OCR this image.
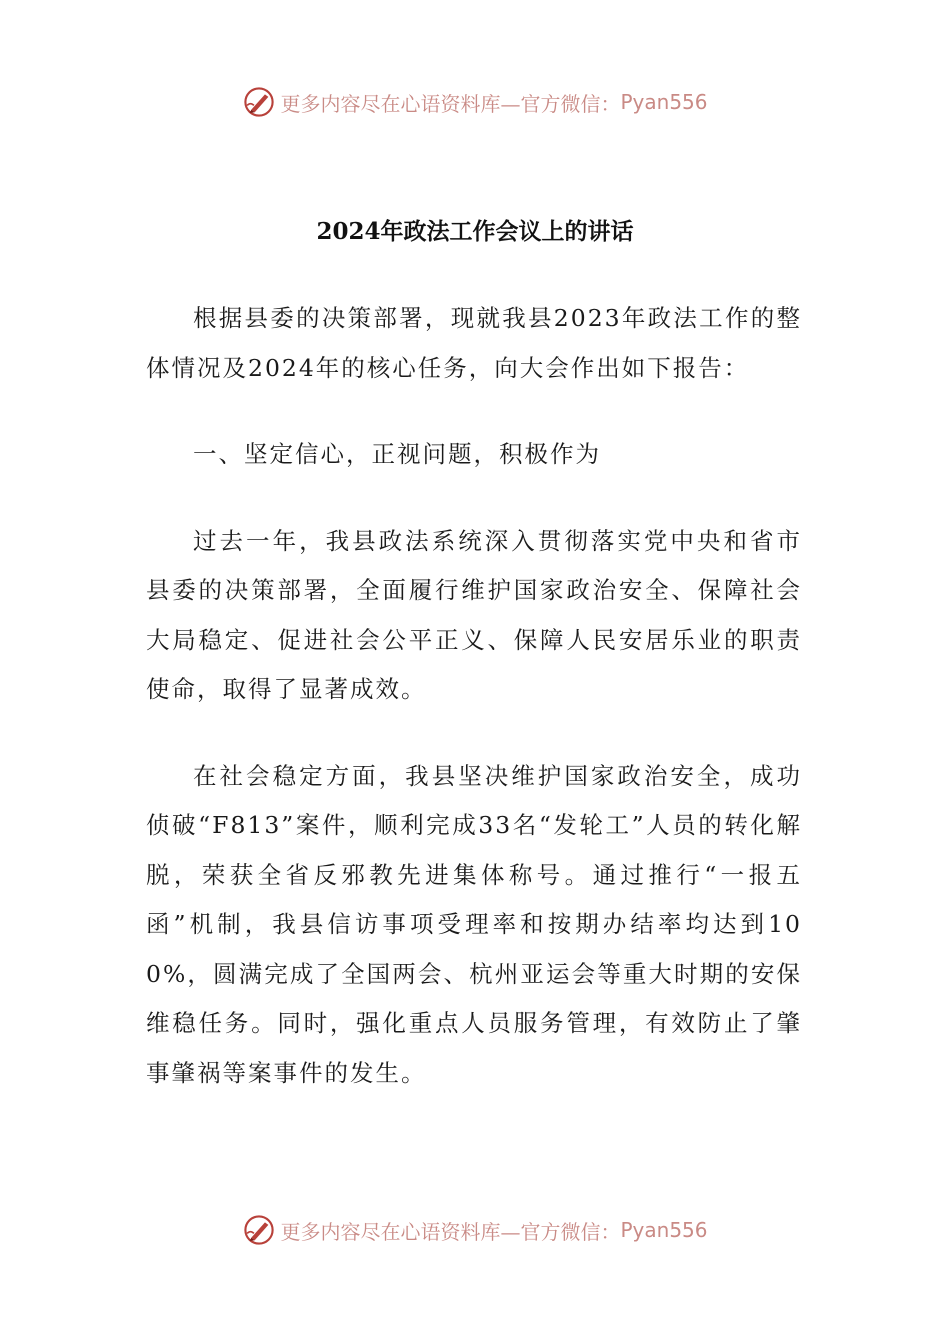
更多内容尽在心语资料库—官方微信： Pyan556
2024年政法工作会议上的讲话

根据县委的决策部署，现就我县2023年政法工作的整体情况及2024年的核心任务，向大会作出如下报告：

一、坚定信心，正视问题，积极作为

过去一年，我县政法系统深入贯彻落实党中央和省市县委的决策部署，全面履行维护国家政治安全、保障社会大局稳定、促进社会公平正义、保障人民安居乐业的职责使命，取得了显著成效。

在社会稳定方面，我县坚决维护国家政治安全，成功侦破“F813”案件，顺利完成33名“发轮工”人员的转化解脱，荣获全省反邪教先进集体称号。通过推行“一报五函”机制，我县信访事项受理率和按期办结率均达到100%，圆满完成了全国两会、杭州亚运会等重大时期的安保维稳任务。同时，强化重点人员服务管理，有效防止了肇事肇祸等案事件的发生。

更多内容尽在心语资料库—官方微信： Pyan556
